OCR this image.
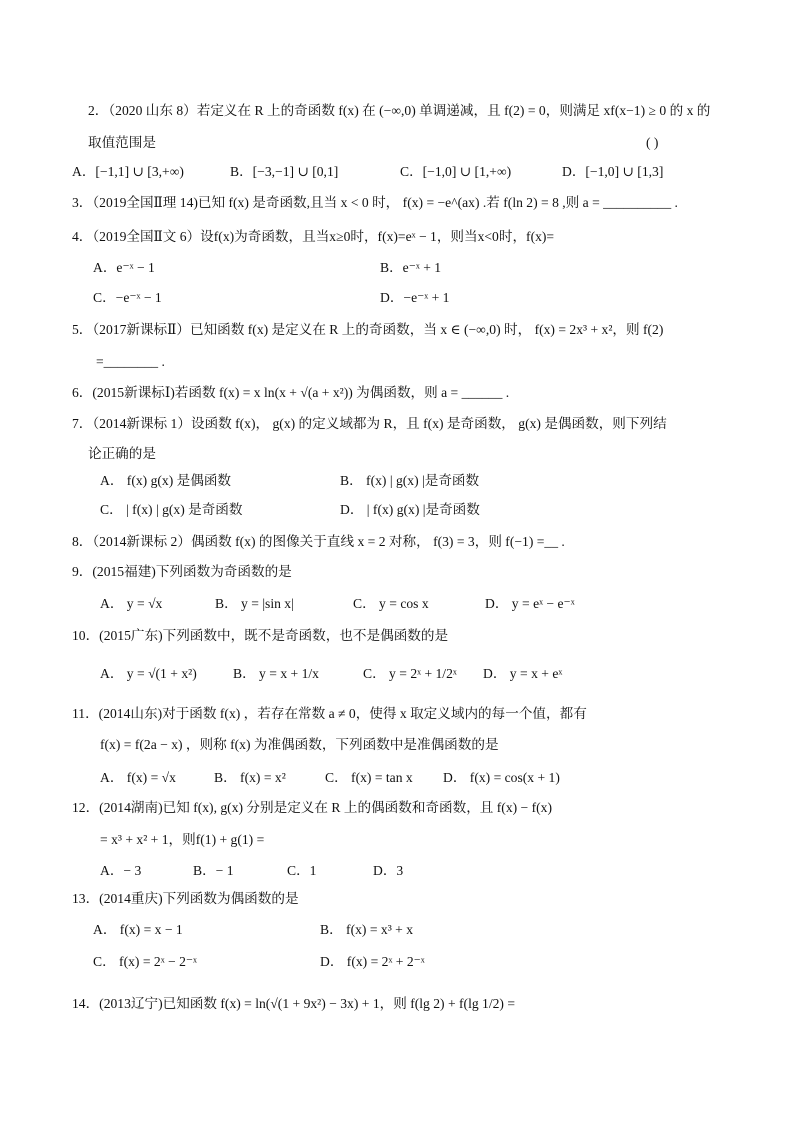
2．（2020 山东 8）若定义在 R 上的奇函数 f(x) 在 (−∞,0) 单调递减，且 f(2) = 0，则满足 xf(x−1) ≥ 0 的 x 的
取值范围是	( )
A．[−1,1] ∪ [3,+∞)	B．[−3,−1] ∪ [0,1]	C．[−1,0] ∪ [1,+∞)	D．[−1,0] ∪ [1,3]
3．（2019全国Ⅱ理 14)已知 f(x) 是奇函数,且当 x < 0 时， f(x) = −e^(ax) .若 f(ln 2) = 8 ,则 a = __________ .
4．（2019全国Ⅱ文 6）设f(x)为奇函数，且当x≥0时，f(x)=eˣ − 1，则当x<0时，f(x)=
A．e⁻ˣ − 1	B．e⁻ˣ + 1
C．−e⁻ˣ − 1	D．−e⁻ˣ + 1
5．（2017新课标Ⅱ）已知函数 f(x) 是定义在 R 上的奇函数，当 x ∈ (−∞,0) 时， f(x) = 2x³ + x²，则 f(2)
=________ .
6．(2015新课标Ⅰ)若函数 f(x) = x ln(x + √(a + x²)) 为偶函数，则 a = ______ .
7．（2014新课标 1）设函数 f(x)， g(x) 的定义域都为 R，且 f(x) 是奇函数， g(x) 是偶函数，则下列结
论正确的是
A． f(x) g(x) 是偶函数	B． f(x) | g(x) |是奇函数
C． | f(x) | g(x) 是奇函数	D． | f(x) g(x) |是奇函数
8．（2014新课标 2）偶函数 f(x) 的图像关于直线 x = 2 对称， f(3) = 3，则 f(−1) =__ .
9．(2015福建)下列函数为奇函数的是
A． y = √x	B． y = |sin x|	C． y = cos x	D． y = eˣ − e⁻ˣ
10．(2015广东)下列函数中，既不是奇函数，也不是偶函数的是
A． y = √(1 + x²)	B． y = x + 1/x	C． y = 2ˣ + 1/2ˣ D． y = x + eˣ
11．(2014山东)对于函数 f(x) ，若存在常数 a ≠ 0，使得 x 取定义域内的每一个值，都有
f(x) = f(2a − x) ，则称 f(x) 为准偶函数，下列函数中是准偶函数的是
A． f(x) = √x	B． f(x) = x²	C． f(x) = tan x D． f(x) = cos(x + 1)
12．(2014湖南)已知 f(x), g(x) 分别是定义在 R 上的偶函数和奇函数，且 f(x) − f(x)
= x³ + x² + 1，则f(1) + g(1) =
A．− 3	B．− 1	C．1	D．3
13．(2014重庆)下列函数为偶函数的是
A． f(x) = x − 1	B． f(x) = x³ + x
C． f(x) = 2ˣ − 2⁻ˣ	D． f(x) = 2ˣ + 2⁻ˣ
14．(2013辽宁)已知函数 f(x) = ln(√(1 + 9x²) − 3x) + 1，则 f(lg 2) + f(lg 1/2) =
